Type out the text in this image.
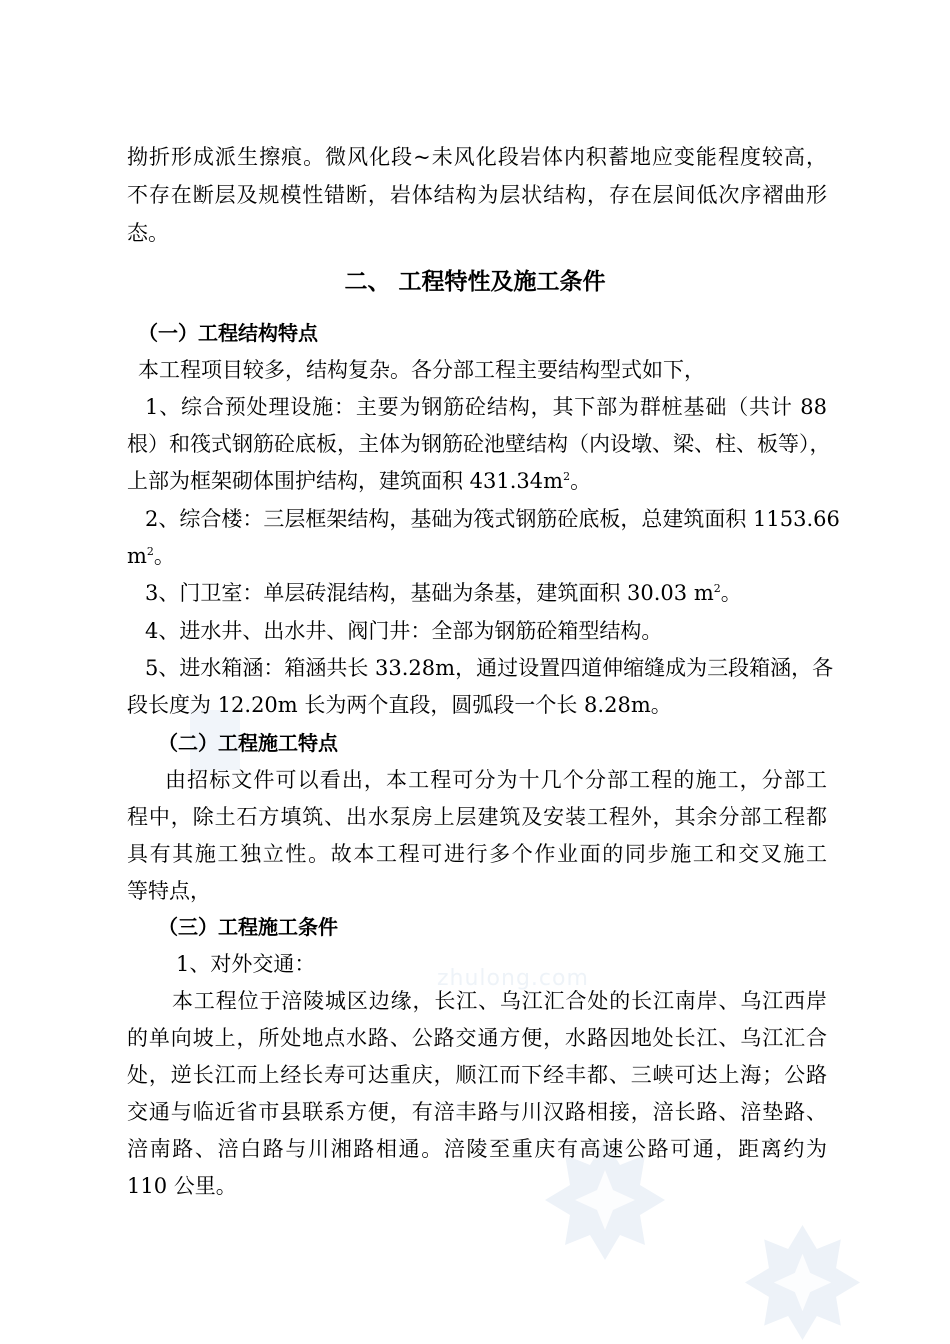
zhulong.com
拗折形成派生擦痕。微风化段~未风化段岩体内积蓄地应变能程度较高，
不存在断层及规模性错断，岩体结构为层状结构，存在层间低次序褶曲形
态。
二、 工程特性及施工条件
（一）工程结构特点
本工程项目较多，结构复杂。各分部工程主要结构型式如下，
1、综合预处理设施：主要为钢筋砼结构，其下部为群桩基础（共计 88
根）和筏式钢筋砼底板，主体为钢筋砼池壁结构（内设墩、梁、柱、板等），
上部为框架砌体围护结构，建筑面积 $431.34m^2$。
2、综合楼：三层框架结构，基础为筏式钢筋砼底板，总建筑面积 1153.66
$m^2$。
3、门卫室：单层砖混结构，基础为条基，建筑面积 30.03 $m^2$。
4、进水井、出水井、阀门井：全部为钢筋砼箱型结构。
5、进水箱涵：箱涵共长 33.28m，通过设置四道伸缩缝成为三段箱涵，各
段长度为 12.20m 长为两个直段，圆弧段一个长 8.28m。
（二）工程施工特点
由招标文件可以看出，本工程可分为十几个分部工程的施工，分部工
程中，除土石方填筑、出水泵房上层建筑及安装工程外，其余分部工程都
具有其施工独立性。故本工程可进行多个作业面的同步施工和交叉施工
等特点，
（三）工程施工条件
1、对外交通：
本工程位于涪陵城区边缘，长江、乌江汇合处的长江南岸、乌江西岸
的单向坡上，所处地点水路、公路交通方便，水路因地处长江、乌江汇合
处，逆长江而上经长寿可达重庆，顺江而下经丰都、三峡可达上海；公路
交通与临近省市县联系方便，有涪丰路与川汉路相接，涪长路、涪垫路、
涪南路、涪白路与川湘路相通。涪陵至重庆有高速公路可通，距离约为
110 公里。
